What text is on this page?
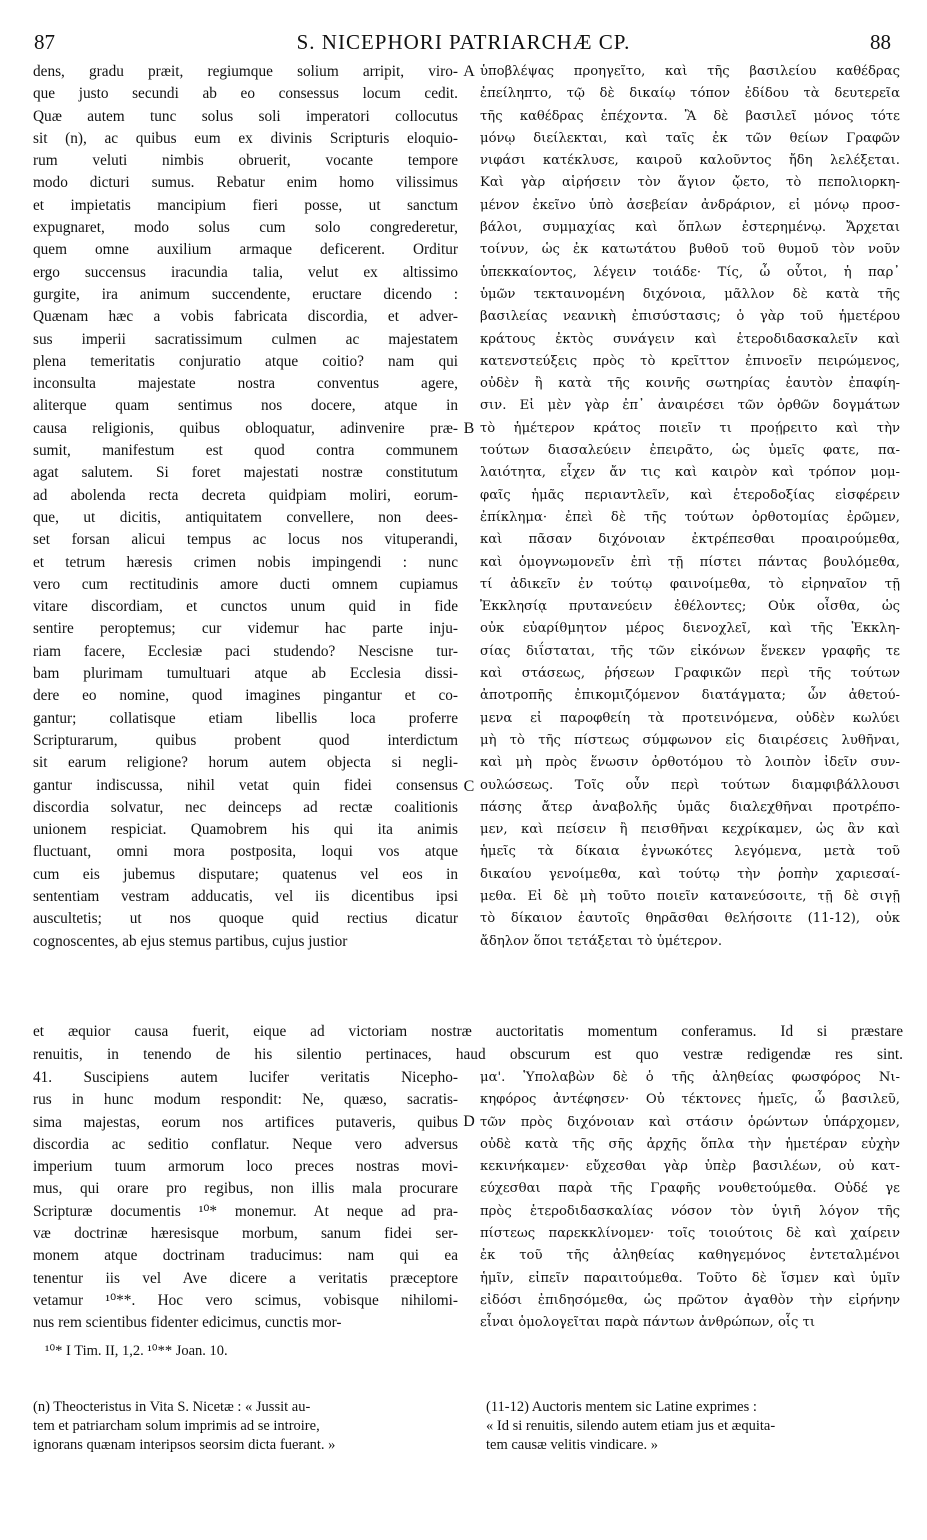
87	S. NICEPHORI PATRIARCHÆ CP.	88
dens, gradu præit, regiumque solium arripit, viro-
que justo secundi ab eo consessus locum cedit.
Quæ autem tunc solus soli imperatori collocutus
sit (n), ac quibus eum ex divinis Scripturis eloquio-
rum veluti nimbis obruerit, vocante tempore
modo dicturi sumus. Rebatur enim homo vilissimus
et impietatis mancipium fieri posse, ut sanctum
expugnaret, modo solus cum solo congrederetur,
quem omne auxilium armaque deficerent. Orditur
ergo succensus iracundia talia, velut ex altissimo
gurgite, ira animum succendente, eructare dicendo :
Quænam hæc a vobis fabricata discordia, et adver-
sus imperii sacratissimum culmen ac majestatem
plena temeritatis conjuratio atque coitio? nam qui
inconsulta majestate nostra conventus agere,
aliterque quam sentimus nos docere, atque in
causa religionis, quibus obloquatur, adinvenire præ-
sumit, manifestum est quod contra communem
agat salutem. Si foret majestati nostræ constitutum
ad abolenda recta decreta quidpiam moliri, eorum-
que, ut dicitis, antiquitatem convellere, non dees-
set forsan alicui tempus ac locus nos vituperandi,
et tetrum hæresis crimen nobis impingendi : nunc
vero cum rectitudinis amore ducti omnem cupiamus
vitare discordiam, et cunctos unum quid in fide
sentire peroptemus; cur videmur hac parte inju-
riam facere, Ecclesiæ paci studendo? Nescisne tur-
bam plurimam tumultuari atque ab Ecclesia dissi-
dere eo nomine, quod imagines pingantur et co-
gantur; collatisque etiam libellis loca proferre
Scripturarum, quibus probent quod interdictum
sit earum religione? horum autem objecta si negli-
gantur indiscussa, nihil vetat quin fidei consensus
discordia solvatur, nec deinceps ad rectæ coalitionis
unionem respiciat. Quamobrem his qui ita animis
fluctuant, omni mora postposita, loqui vos atque
cum eis jubemus disputare; quatenus vel eos in
sententiam vestram adducatis, vel iis dicentibus ipsi
auscultetis; ut nos quoque quid rectius dicatur
cognoscentes, ab ejus stemus partibus, cujus justior
ὑποβλέψας προηγεῖτο, καὶ τῆς βασιλείου καθέδρας
ἐπείληπτο, τῷ δὲ δικαίῳ τόπον ἐδίδου τὰ δευτερεῖα
τῆς καθέδρας ἐπέχοντα. Ἃ δὲ βασιλεῖ μόνος τότε
μόνῳ διείλεκται, καὶ ταῖς ἐκ τῶν θείων Γραφῶν
νιφάσι κατέκλυσε, καιροῦ καλοῦντος ἤδη λελέξεται.
Καὶ γὰρ αἱρήσειν τὸν ἅγιον ᾤετο, τὸ πεπολιορκη-
μένον ἐκεῖνο ὑπὸ ἀσεβείαν ἀνδράριον, εἰ μόνῳ προσ-
βάλοι, συμμαχίας καὶ ὅπλων ἐστερημένῳ. Ἄρχεται
τοίνυν, ὡς ἐκ κατωτάτου βυθοῦ τοῦ θυμοῦ τὸν νοῦν
ὑπεκκαίοντος, λέγειν τοιάδε· Τίς, ὦ οὗτοι, ἡ παρ᾽
ὑμῶν τεκταινομένη διχόνοια, μᾶλλον δὲ κατὰ τῆς
βασιλείας νεανικὴ ἐπισύστασις; ὁ γὰρ τοῦ ἡμετέρου
κράτους ἐκτὸς συνάγειν καὶ ἑτεροδιδασκαλεῖν καὶ
κατενστεύξεις πρὸς τὸ κρεῖττον ἐπινοεῖν πειρώμενος,
οὐδὲν ἢ κατὰ τῆς κοινῆς σωτηρίας ἑαυτὸν ἐπαφίη-
σιν. Εἰ μὲν γὰρ ἐπ᾽ ἀναιρέσει τῶν ὀρθῶν δογμάτων
τὸ ἡμέτερον κράτος ποιεῖν τι προῄρειτο καὶ τὴν
τούτων διασαλεύειν ἐπειρᾶτο, ὡς ὑμεῖς φατε, πα-
λαιότητα, εἶχεν ἄν τις καὶ καιρὸν καὶ τρόπον μομ-
φαῖς ἡμᾶς περιαντλεῖν, καὶ ἑτεροδοξίας εἰσφέρειν
ἐπίκλημα· ἐπεὶ δὲ τῆς τούτων ὀρθοτομίας ἐρῶμεν,
καὶ πᾶσαν διχόνοιαν ἐκτρέπεσθαι προαιρούμεθα,
καὶ ὁμογνωμονεῖν ἐπὶ τῇ πίστει πάντας βουλόμεθα,
τί ἀδικεῖν ἐν τούτῳ φαινοίμεθα, τὸ εἰρηναῖον τῇ
Ἐκκλησίᾳ πρυτανεύειν ἐθέλοντες; Οὐκ οἶσθα, ὡς
οὐκ εὐαρίθμητον μέρος διενοχλεῖ, καὶ τῆς Ἐκκλη-
σίας διΐσταται, τῆς τῶν εἰκόνων ἕνεκεν γραφῆς τε
καὶ στάσεως, ῥήσεων Γραφικῶν περὶ τῆς τούτων
ἀποτροπῆς ἐπικομιζόμενον διατάγματα; ὧν ἀθετού-
μενα εἰ παροφθείη τὰ προτεινόμενα, οὐδὲν κωλύει
μὴ τὸ τῆς πίστεως σύμφωνον εἰς διαιρέσεις λυθῆναι,
καὶ μὴ πρὸς ἕνωσιν ὀρθοτόμου τὸ λοιπὸν ἰδεῖν συν-
ουλώσεως. Τοῖς οὖν περὶ τούτων διαμφιβάλλουσι
πάσης ἄτερ ἀναβολῆς ὑμᾶς διαλεχθῆναι προτρέπο-
μεν, καὶ πείσειν ἢ πεισθῆναι κεχρίκαμεν, ὡς ἂν καὶ
ἡμεῖς τὰ δίκαια ἐγνωκότες λεγόμενα, μετὰ τοῦ
δικαίου γενοίμεθα, καὶ τούτῳ τὴν ῥοπὴν χαριεσαί-
μεθα. Εἰ δὲ μὴ τοῦτο ποιεῖν κατανεύσοιτε, τῇ δὲ σιγῇ
τὸ δίκαιον ἑαυτοῖς θηρᾶσθαι θελήσοιτε (11-12), οὐκ
ἄδηλον ὅποι τετάξεται τὸ ὑμέτερον.
A
B
C
D
et æquior causa fuerit, eique ad victoriam nostræ auctoritatis momentum conferamus. Id si præstare
renuitis, in tenendo de his silentio pertinaces, haud obscurum est quo vestræ redigendæ res sint.
41. Suscipiens autem lucifer veritatis Nicepho-
rus in hunc modum respondit: Ne, quæso, sacratis-
sima majestas, eorum nos artifices putaveris, quibus
discordia ac seditio conflatur. Neque vero adversus
imperium tuum armorum loco preces nostras movi-
mus, qui orare pro regibus, non illis mala procurare
Scripturæ documentis ¹⁰* monemur. At neque ad pra-
væ doctrinæ hæresisque morbum, sanum fidei ser-
monem atque doctrinam traducimus: nam qui ea
tenentur iis vel Ave dicere a veritatis præceptore
vetamur ¹⁰**. Hoc vero scimus, vobisque nihilomi-
nus rem scientibus fidenter edicimus, cunctis mor-
μα'. Ὑπολαβὼν δὲ ὁ τῆς ἀληθείας φωσφόρος Νι-
κηφόρος ἀντέφησεν· Οὐ τέκτονες ἡμεῖς, ὦ βασιλεῦ,
τῶν πρὸς διχόνοιαν καὶ στάσιν ὁρώντων ὑπάρχομεν,
οὐδὲ κατὰ τῆς σῆς ἀρχῆς ὅπλα τὴν ἡμετέραν εὐχὴν
κεκινήκαμεν· εὔχεσθαι γὰρ ὑπὲρ βασιλέων, οὐ κατ-
εύχεσθαι παρὰ τῆς Γραφῆς νουθετούμεθα. Οὐδέ γε
πρὸς ἑτεροδιδασκαλίας νόσον τὸν ὑγιῆ λόγον τῆς
πίστεως παρεκκλίνομεν· τοῖς τοιούτοις δὲ καὶ χαίρειν
ἐκ τοῦ τῆς ἀληθείας καθηγεμόνος ἐντεταλμένοι
ἡμῖν, εἰπεῖν παραιτούμεθα. Τοῦτο δὲ ἴσμεν καὶ ὑμῖν
εἰδόσι ἐπιδησόμεθα, ὡς πρῶτον ἀγαθὸν τὴν εἰρήνην
εἶναι ὁμολογεῖται παρὰ πάντων ἀνθρώπων, οἷς τι
¹⁰* I Tim. II, 1,2. ¹⁰** Joan. 10.
(n) Theocteristus in Vita S. Nicetæ : « Jussit au-
tem et patriarcham solum imprimis ad se introire,
ignorans quænam interipsos seorsim dicta fuerant. »
(11-12) Auctoris mentem sic Latine exprimes :
« Id si renuitis, silendo autem etiam jus et æquita-
tem causæ velitis vindicare. »
